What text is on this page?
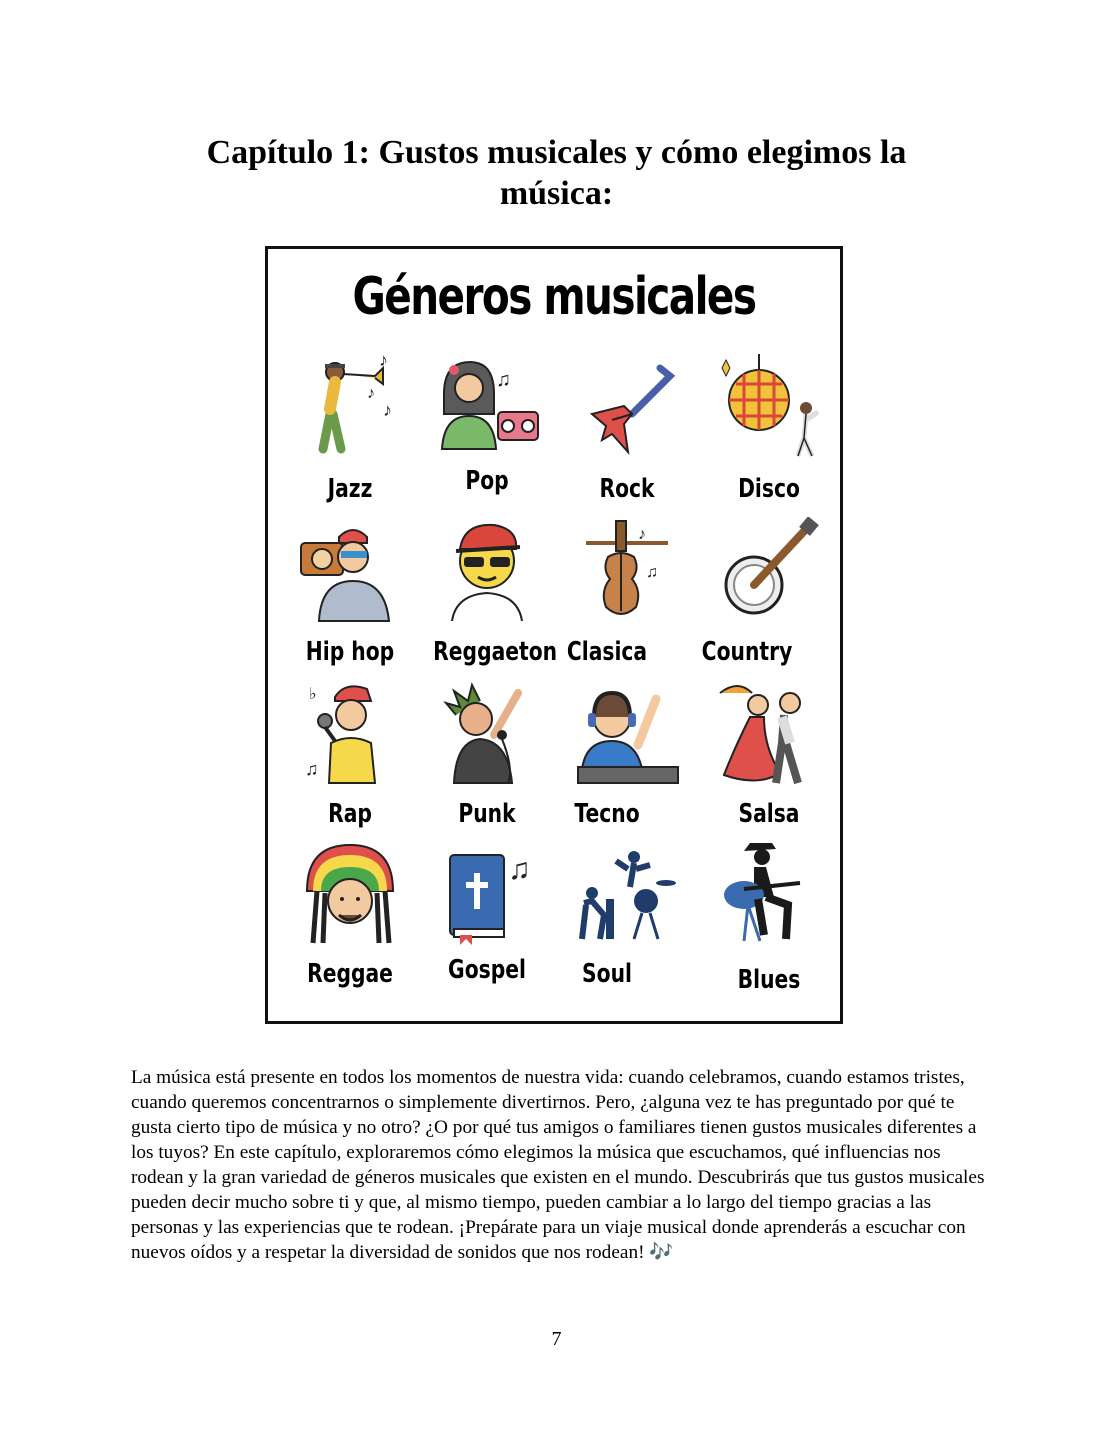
Capítulo 1: Gustos musicales y cómo elegimos la
música:
Géneros musicales
♪
♪
♪
Jazz
♫
Pop	Rock	Disco
Hip hop	Reggaeton
♪
♫
Clasica	Country
♭
♫
Rap	Punk	Tecno	Salsa
Reggae
♫
Gospel	Soul	Blues

La música está presente en todos los momentos de nuestra vida: cuando celebramos, cuando estamos tristes, cuando queremos concentrarnos o simplemente divertirnos. Pero, ¿alguna vez te has preguntado por qué te gusta cierto tipo de música y no otro? ¿O por qué tus amigos o familiares tienen gustos musicales diferentes a los tuyos? En este capítulo, exploraremos cómo elegimos la música que escuchamos, qué influencias nos rodean y la gran variedad de géneros musicales que existen en el mundo. Descubrirás que tus gustos musicales pueden decir mucho sobre ti y que, al mismo tiempo, pueden cambiar a lo largo del tiempo gracias a las personas y las experiencias que te rodean. ¡Prepárate para un viaje musical donde aprenderás a escuchar con nuevos oídos y a respetar la diversidad de sonidos que nos rodean! 🎶

7
